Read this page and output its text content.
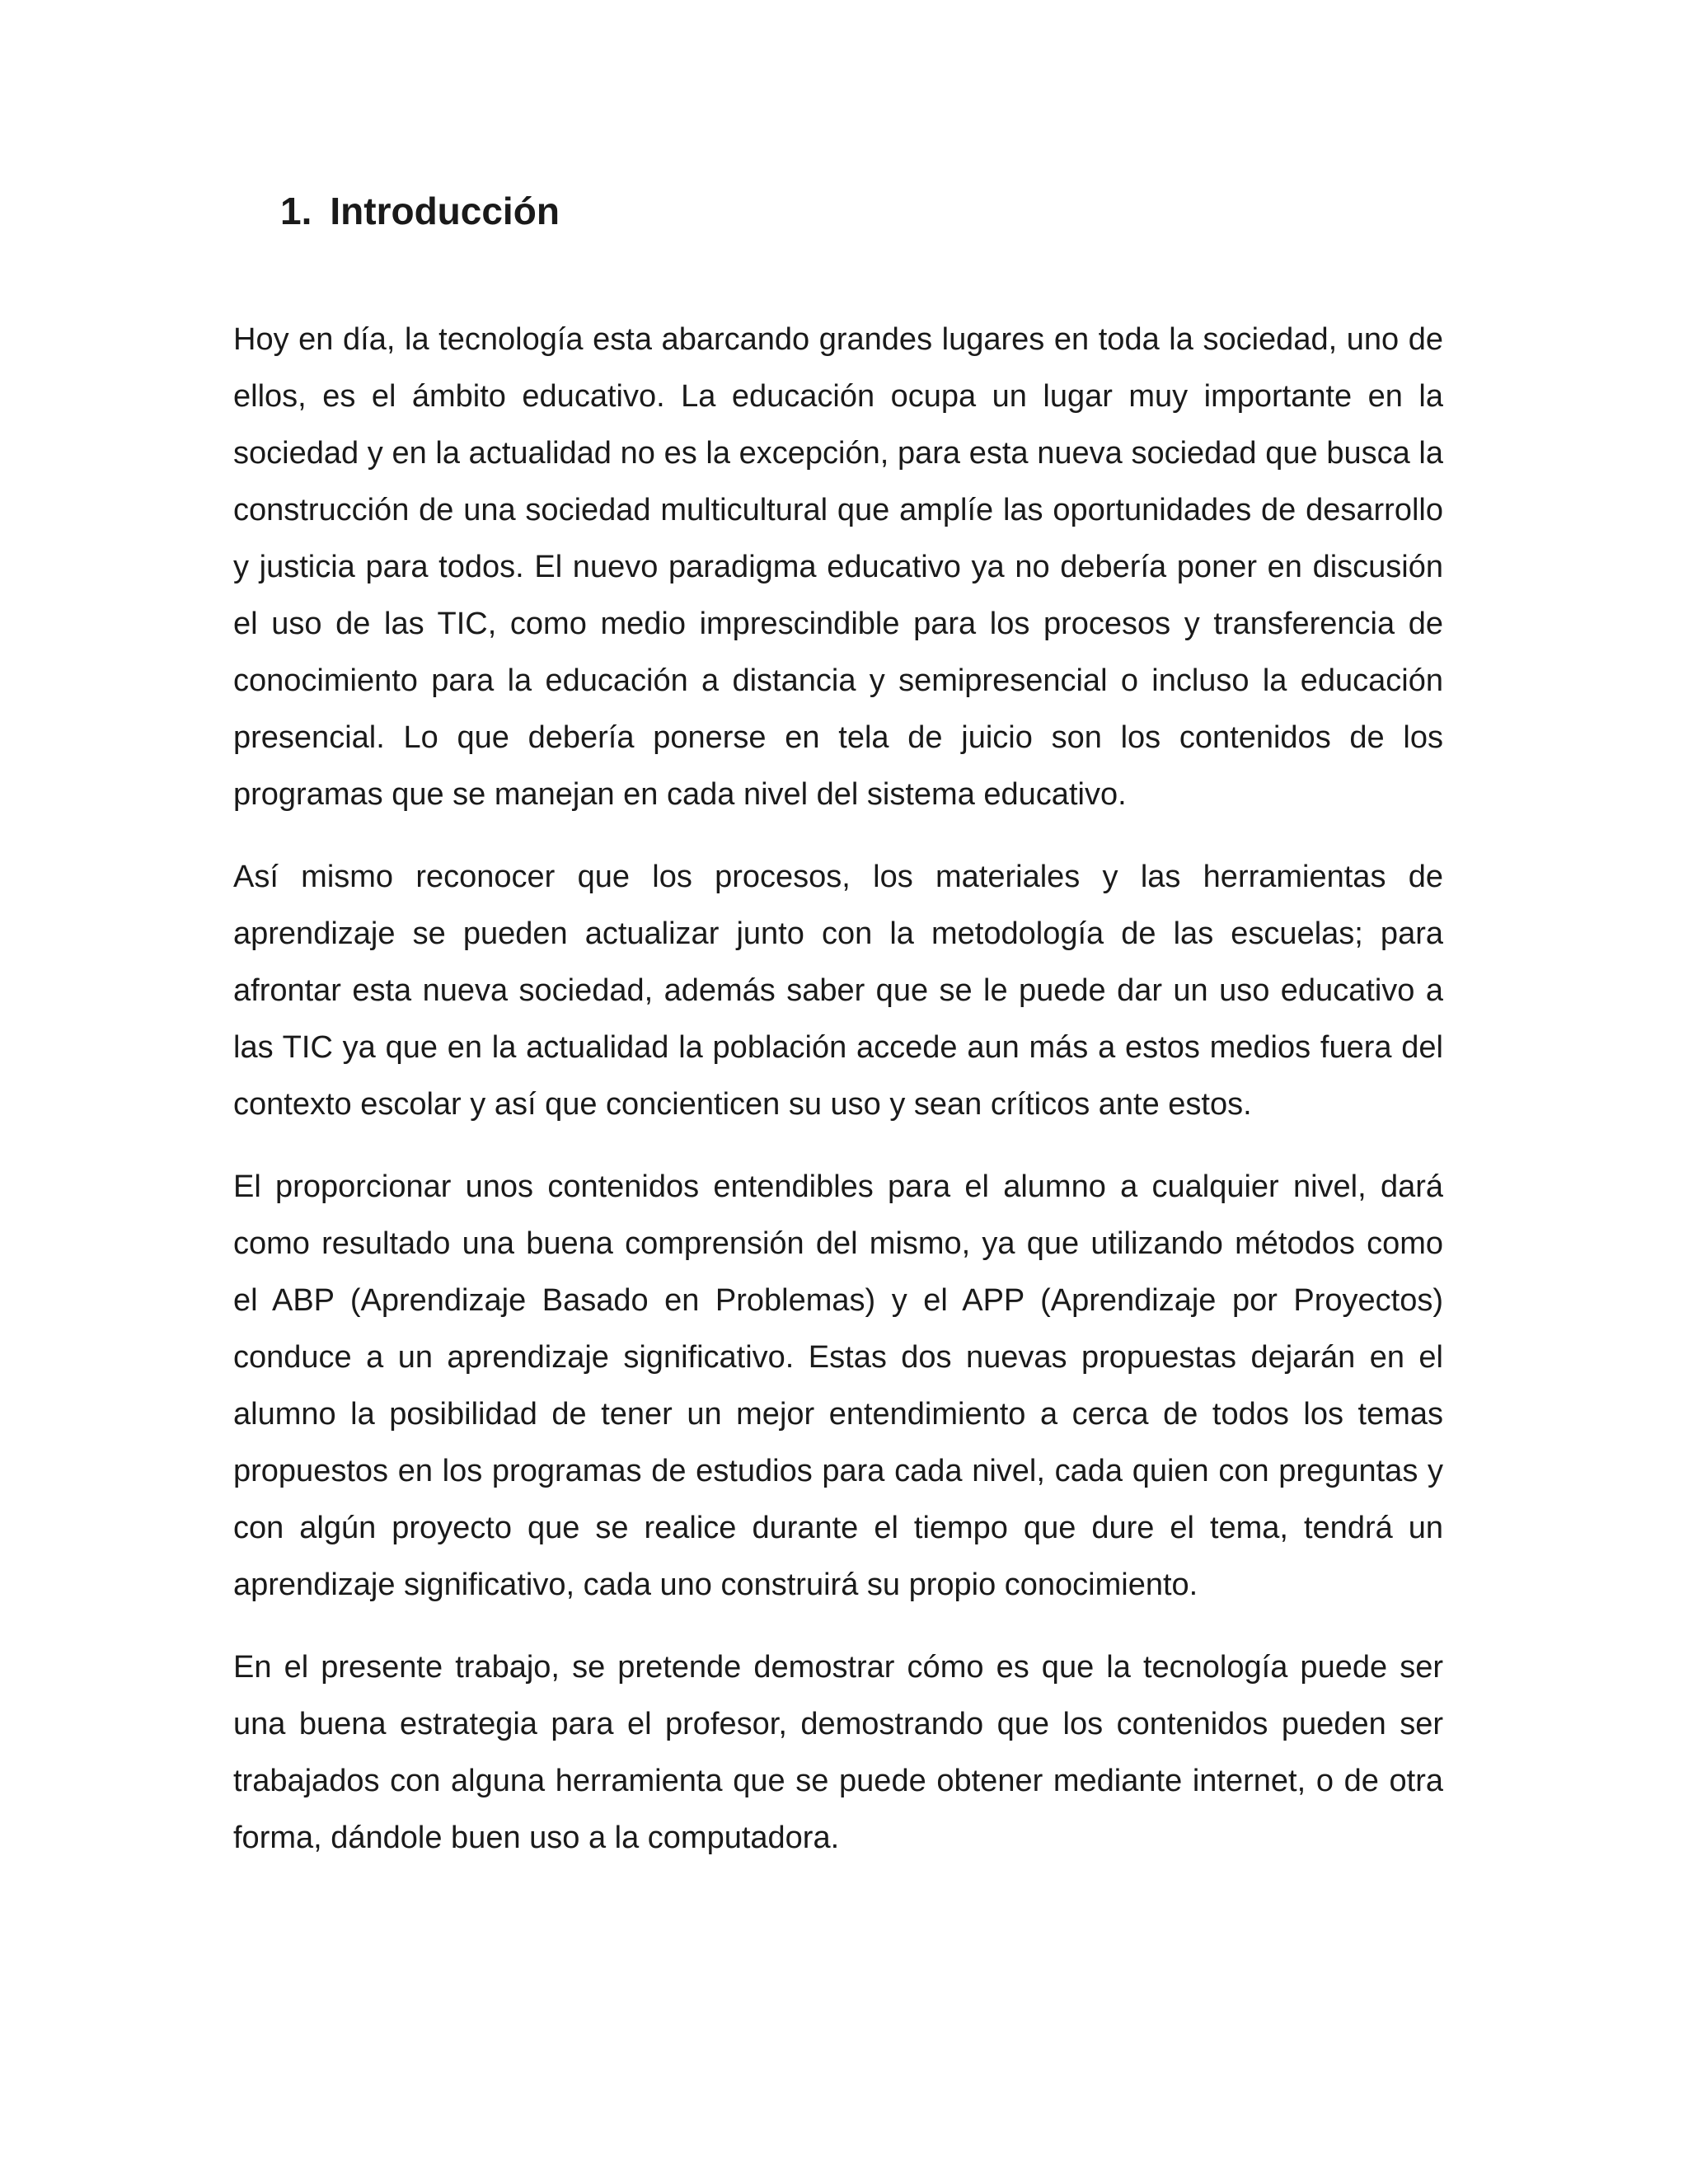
1. Introducción

Hoy en día, la tecnología esta abarcando grandes lugares en toda la sociedad, uno de ellos, es el ámbito educativo. La educación ocupa un lugar muy importante en la sociedad y en la actualidad no es la excepción, para esta nueva sociedad que busca la construcción de una sociedad multicultural que amplíe las oportunidades de desarrollo y justicia para todos. El nuevo paradigma educativo ya no debería poner en discusión el uso de las TIC, como medio imprescindible para los procesos y transferencia de conocimiento para la educación a distancia y semipresencial o incluso la educación presencial. Lo que debería ponerse en tela de juicio son los contenidos de los programas que se manejan en cada nivel del sistema educativo.

Así mismo reconocer que los procesos, los materiales y las herramientas de aprendizaje se pueden actualizar junto con la metodología de las escuelas; para afrontar esta nueva sociedad, además saber que se le puede dar un uso educativo a las TIC ya que en la actualidad la población accede aun más a estos medios fuera del contexto escolar y así que concienticen su uso y sean críticos ante estos.

El proporcionar unos contenidos entendibles para el alumno a cualquier nivel, dará como resultado una buena comprensión del mismo, ya que utilizando métodos como el ABP (Aprendizaje Basado en Problemas) y el APP (Aprendizaje por Proyectos) conduce a un aprendizaje significativo. Estas dos nuevas propuestas dejarán en el alumno la posibilidad de tener un mejor entendimiento a cerca de todos los temas propuestos en los programas de estudios para cada nivel, cada quien con preguntas y con algún proyecto que se realice durante el tiempo que dure el tema, tendrá un aprendizaje significativo, cada uno construirá su propio conocimiento.

En el presente trabajo, se pretende demostrar cómo es que la tecnología puede ser una buena estrategia para el profesor, demostrando que los contenidos pueden ser trabajados con alguna herramienta que se puede obtener mediante internet, o de otra forma, dándole buen uso a la computadora.
